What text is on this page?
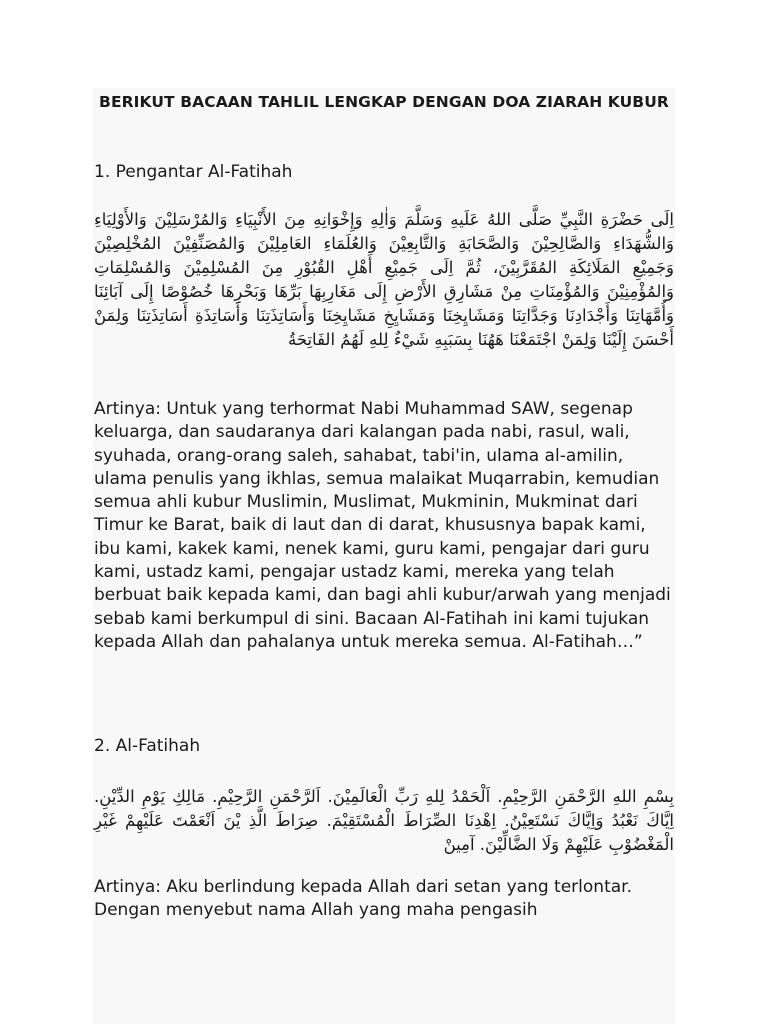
BERIKUT BACAAN TAHLIL LENGKAP DENGAN DOA ZIARAH KUBUR

1. Pengantar Al-Fatihah

اِلَى حَضْرَةِ النَّبِيِّ صَلَّى اللهُ عَلَيهِ وَسَلَّمَ وَاٰلِهِ وَإِخْوَانِهِ مِنَ الأَنْبِيَاءِ وَالمُرْسَلِيْنَ وَالأَوْلِيَاءِ وَالشُّهَدَاءِ وَالصَّالِحِيْنَ وَالصَّحَابَةِ وَالتَّابِعِيْنَ وَالعُلَمَاءِ العَامِلِيْنَ وَالمُصَنِّفِيْنَ المُخْلِصِيْنَ وَجَمِيْعِ المَلَائِكَةِ المُقَرَّبِيْنَ، ثُمَّ اِلَى جَمِيْعِ أَهْلِ القُبُوْرِ مِنَ المُسْلِمِيْنَ وَالمُسْلِمَاتِ وَالمُؤْمِنِيْنَ وَالمُؤْمِنَاتِ مِنْ مَشَارِقِ الأَرْضِ إِلَى مَغَارِبِهَا بَرِّهَا وَبَحْرِهَا خُصُوْصًا إِلَى آبَائِنَا وَأُمَّهَاتِنَا وَأَجْدَادِنَا وَجَدَّاتِنَا وَمَشَايِخِنَا وَمَشَايِخِ مَشَايِخِنَا وَأَسَاتِذَتِنَا وَأَسَاتِذَةِ أَسَاتِذَتِنَا وَلِمَنْ أَحْسَنَ إِلَيْنَا وَلِمَنْ اجْتَمَعْنَا هَهُنَا بِسَبَبِهِ شَيْءٌ لِلهِ لَهُمُ الفَاتِحَةُ

Artinya: Untuk yang terhormat Nabi Muhammad SAW, segenap keluarga, dan saudaranya dari kalangan pada nabi, rasul, wali, syuhada, orang-orang saleh, sahabat, tabi'in, ulama al-amilin, ulama penulis yang ikhlas, semua malaikat Muqarrabin, kemudian semua ahli kubur Muslimin, Muslimat, Mukminin, Mukminat dari Timur ke Barat, baik di laut dan di darat, khususnya bapak kami, ibu kami, kakek kami, nenek kami, guru kami, pengajar dari guru kami, ustadz kami, pengajar ustadz kami, mereka yang telah berbuat baik kepada kami, dan bagi ahli kubur/arwah yang menjadi sebab kami berkumpul di sini. Bacaan Al-Fatihah ini kami tujukan kepada Allah dan pahalanya untuk mereka semua. Al-Fatihah…”

2. Al-Fatihah

بِسْمِ اللهِ الرَّحْمَنِ الرَّحِيْمِ. اَلْحَمْدُ لِلهِ رَبِّ الْعَالَمِيْنَ. اَلرَّحْمَنِ الرَّحِيْمِ. مَالِكِ يَوْمِ الدِّيْنِ. اِيَّاكَ نَعْبُدُ وَاِيَّاكَ نَسْتَعِيْنُ. اِهْدِنَا الصِّرَاطَ الْمُسْتَقِيْمَ. صِرَاطَ الَّذِ يْنَ اَنْعَمْتَ عَلَيْهِمْ غَيْرِ الْمَغْضُوْبِ عَلَيْهِمْ وَلَا الضَّالِّيْنَ. آمِينْ

Artinya: Aku berlindung kepada Allah dari setan yang terlontar. Dengan menyebut nama Allah yang maha pengasih
